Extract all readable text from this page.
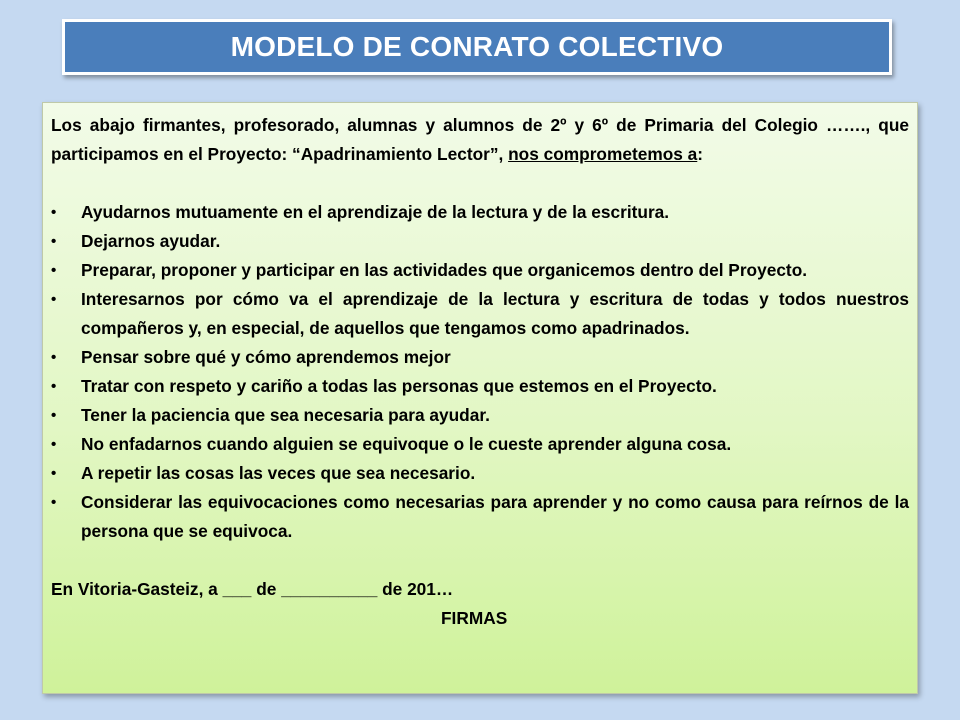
MODELO DE CONRATO COLECTIVO

Los abajo firmantes, profesorado, alumnas y alumnos de 2º y 6º de Primaria del Colegio ……., que participamos en el Proyecto: “Apadrinamiento Lector”, nos comprometemos a:

•	Ayudarnos mutuamente en el aprendizaje de la lectura y de la escritura.
•	Dejarnos ayudar.
•	Preparar, proponer y participar en las actividades que organicemos dentro del Proyecto.
•	Interesarnos por cómo va el aprendizaje de la lectura y escritura de todas y todos nuestros compañeros y, en especial, de aquellos que tengamos como apadrinados.
•	Pensar sobre qué y cómo aprendemos mejor
•	Tratar con respeto y cariño a todas las personas que estemos en el Proyecto.
•	Tener la paciencia que sea necesaria para ayudar.
•	No enfadarnos cuando alguien se equivoque o le cueste aprender alguna cosa.
•	A repetir las cosas las veces que sea necesario.
•	Considerar las equivocaciones como necesarias para aprender y no como causa para reírnos de la persona que se equivoca.

En Vitoria-Gasteiz, a ___ de __________ de 201…

FIRMAS
